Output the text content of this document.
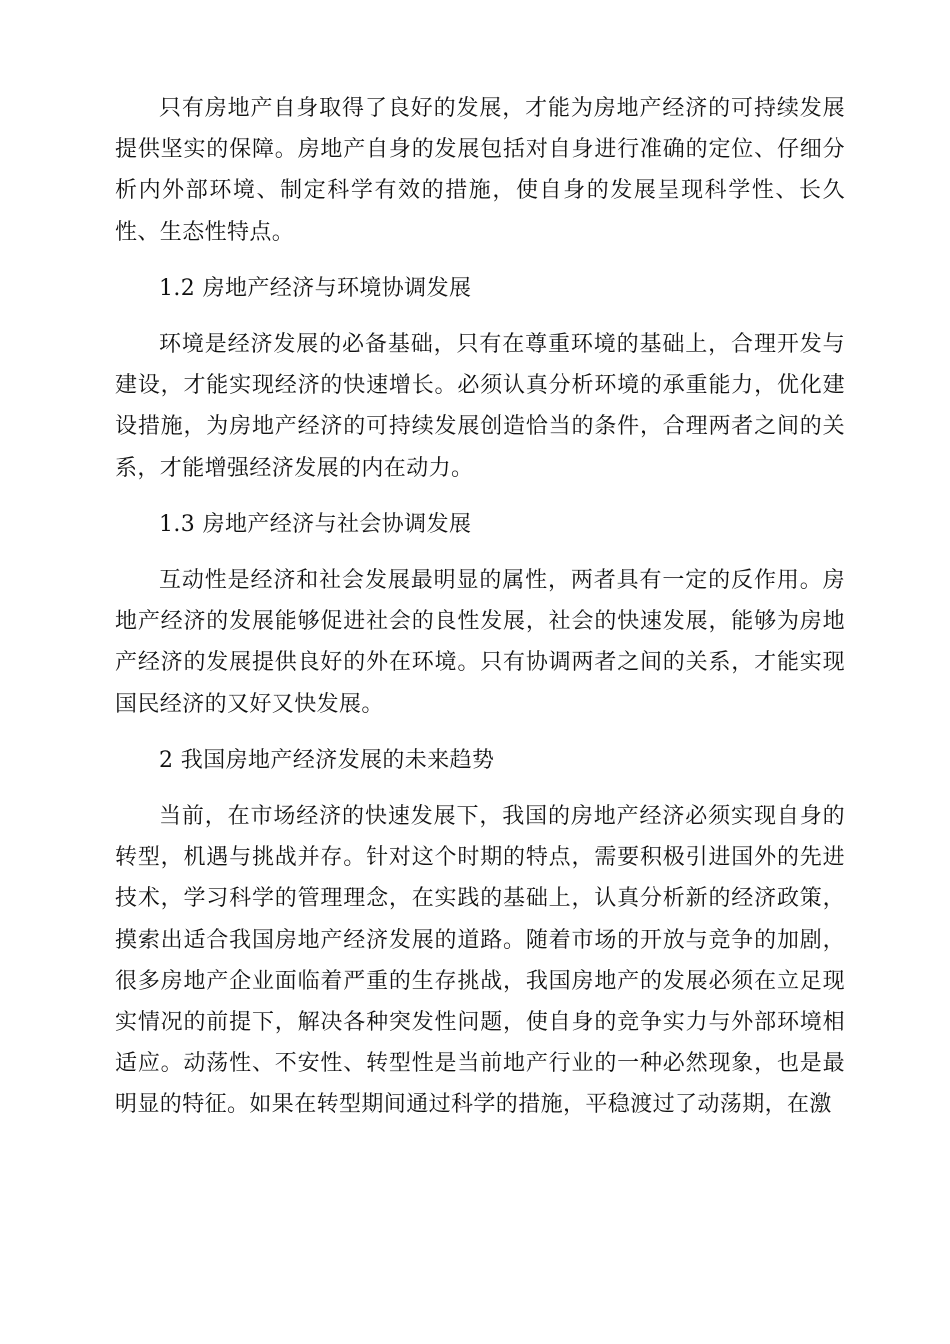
只有房地产自身取得了良好的发展，才能为房地产经济的可持续发展提供坚实的保障。房地产自身的发展包括对自身进行准确的定位、仔细分析内外部环境、制定科学有效的措施，使自身的发展呈现科学性、长久性、生态性特点。

1.2 房地产经济与环境协调发展

环境是经济发展的必备基础，只有在尊重环境的基础上，合理开发与建设，才能实现经济的快速增长。必须认真分析环境的承重能力，优化建设措施，为房地产经济的可持续发展创造恰当的条件，合理两者之间的关系，才能增强经济发展的内在动力。

1.3 房地产经济与社会协调发展

互动性是经济和社会发展最明显的属性，两者具有一定的反作用。房地产经济的发展能够促进社会的良性发展，社会的快速发展，能够为房地产经济的发展提供良好的外在环境。只有协调两者之间的关系，才能实现国民经济的又好又快发展。

2 我国房地产经济发展的未来趋势

当前，在市场经济的快速发展下，我国的房地产经济必须实现自身的转型，机遇与挑战并存。针对这个时期的特点，需要积极引进国外的先进技术，学习科学的管理理念，在实践的基础上，认真分析新的经济政策，摸索出适合我国房地产经济发展的道路。随着市场的开放与竞争的加剧，很多房地产企业面临着严重的生存挑战，我国房地产的发展必须在立足现实情况的前提下，解决各种突发性问题，使自身的竞争实力与外部环境相适应。动荡性、不安性、转型性是当前地产行业的一种必然现象，也是最明显的特征。如果在转型期间通过科学的措施，平稳渡过了动荡期，在激
